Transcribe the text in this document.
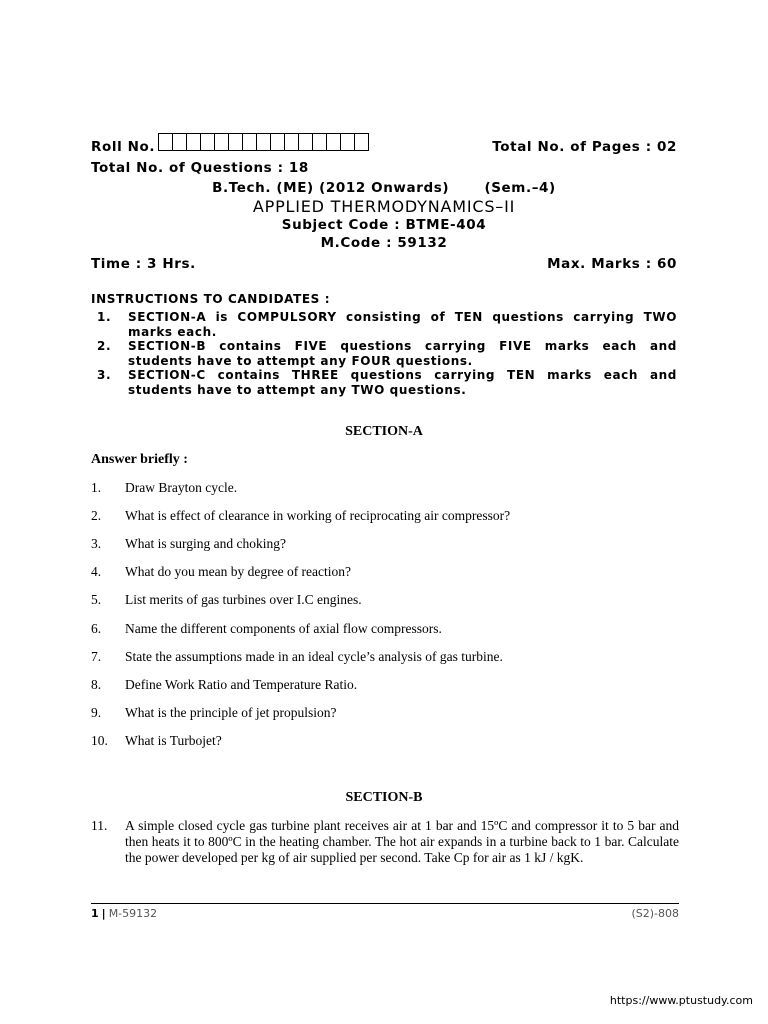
Roll No.	Total No. of Pages : 02
Total No. of Questions : 18
B.Tech. (ME) (2012 Onwards)	(Sem.–4)
APPLIED THERMODYNAMICS–II
Subject Code : BTME-404
M.Code : 59132
Time : 3 Hrs.	Max. Marks : 60
INSTRUCTIONS TO CANDIDATES :
1. SECTION-A is COMPULSORY consisting of TEN questions carrying TWO marks each.
2. SECTION-B contains FIVE questions carrying FIVE marks each and students have to attempt any FOUR questions.
3. SECTION-C contains THREE questions carrying TEN marks each and students have to attempt any TWO questions.
SECTION-A
Answer briefly :
1. Draw Brayton cycle.
2. What is effect of clearance in working of reciprocating air compressor?
3. What is surging and choking?
4. What do you mean by degree of reaction?
5. List merits of gas turbines over I.C engines.
6. Name the different components of axial flow compressors.
7. State the assumptions made in an ideal cycle’s analysis of gas turbine.
8. Define Work Ratio and Temperature Ratio.
9. What is the principle of jet propulsion?
10. What is Turbojet?
SECTION-B
11. A simple closed cycle gas turbine plant receives air at 1 bar and 15ºC and compressor it to 5 bar and then heats it to 800ºC in the heating chamber. The hot air expands in a turbine back to 1 bar. Calculate the power developed per kg of air supplied per second. Take Cp for air as 1 kJ / kgK.
1 | M-59132	(S2)-808
https://www.ptustudy.com
